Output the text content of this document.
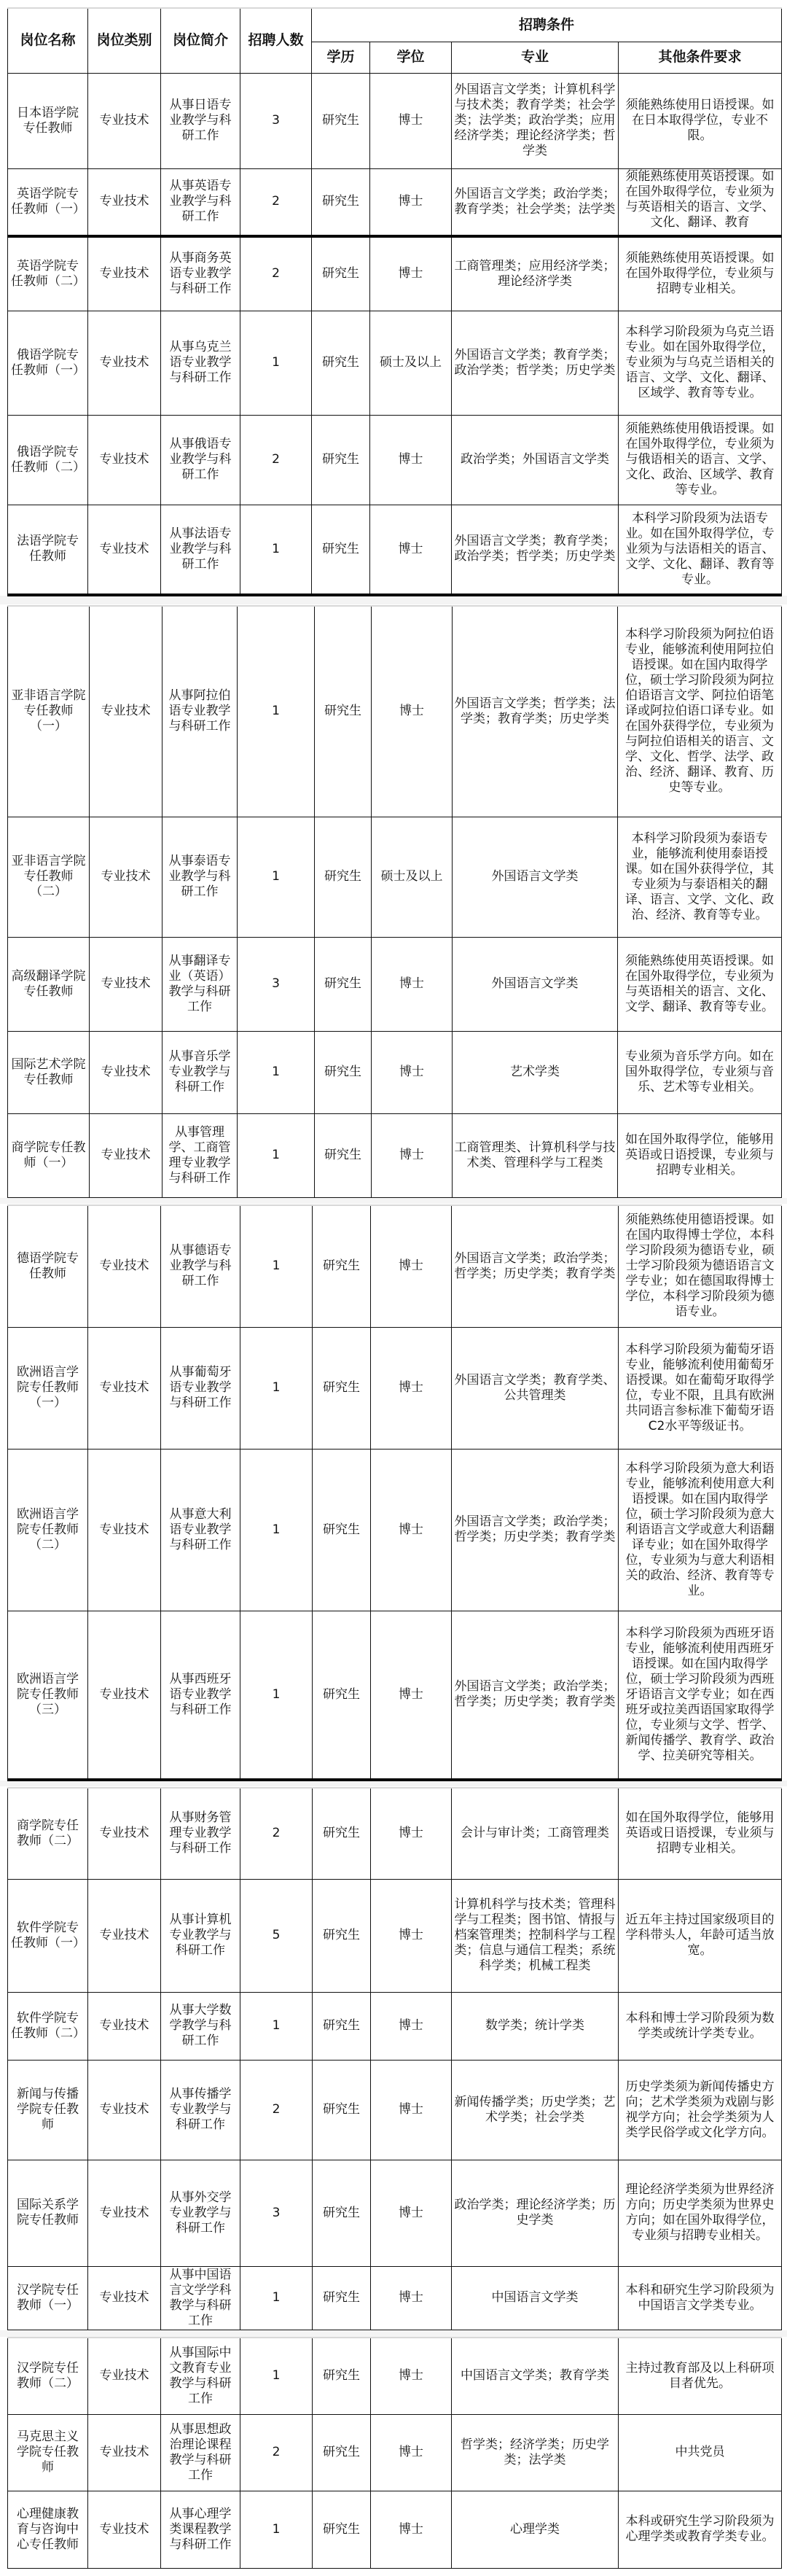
岗位名称	岗位类别	岗位简介	招聘人数	招聘条件			
				学历	学位	专业	其他条件要求
日本语学院专任教师	专业技术	从事日语专业教学与科研工作	3	研究生	博士	外国语言文学类；计算机科学与技术类；教育学类；社会学类；法学类；政治学类；应用经济学类；理论经济学类；哲学类	须能熟练使用日语授课。如在日本取得学位，专业不限。
英语学院专任教师（一）	专业技术	从事英语专业教学与科研工作	2	研究生	博士	外国语言文学类；政治学类；教育学类；社会学类；法学类	须能熟练使用英语授课。如在国外取得学位，专业须为与英语相关的语言、文学、文化、翻译、教育
英语学院专任教师（二）	专业技术	从事商务英语专业教学与科研工作	2	研究生	博士	工商管理类；应用经济学类；理论经济学类	须能熟练使用英语授课。如在国外取得学位，专业须与招聘专业相关。
俄语学院专任教师（一）	专业技术	从事乌克兰语专业教学与科研工作	1	研究生	硕士及以上	外国语言文学类；教育学类；政治学类；哲学类；历史学类	本科学习阶段须为乌克兰语专业。如在国外取得学位，专业须为与乌克兰语相关的语言、文学、文化、翻译、区域学、教育等专业。
俄语学院专任教师（二）	专业技术	从事俄语专业教学与科研工作	2	研究生	博士	政治学类；外国语言文学类	须能熟练使用俄语授课。如在国外取得学位，专业须为与俄语相关的语言、文学、文化、政治、区域学、教育等专业。
法语学院专任教师	专业技术	从事法语专业教学与科研工作	1	研究生	博士	外国语言文学类；教育学类；政治学类；哲学类；历史学类	本科学习阶段须为法语专业。如在国外取得学位，专业须为与法语相关的语言、文学、文化、翻译、教育等专业。
亚非语言学院专任教师（一）	专业技术	从事阿拉伯语专业教学与科研工作	1	研究生	博士	外国语言文学类；哲学类；法学类；教育学类；历史学类	本科学习阶段须为阿拉伯语专业，能够流利使用阿拉伯语授课。如在国内取得学位，硕士学习阶段须为阿拉伯语语言文学、阿拉伯语笔译或阿拉伯语口译专业。如在国外获得学位，专业须为与阿拉伯语相关的语言、文学、文化、哲学、法学、政治、经济、翻译、教育、历史等专业。
亚非语言学院专任教师（二）	专业技术	从事泰语专业教学与科研工作	1	研究生	硕士及以上	外国语言文学类	本科学习阶段须为泰语专业，能够流利使用泰语授课。如在国外获得学位，其专业须为与泰语相关的翻译、语言、文学、文化、政治、经济、教育等专业。
高级翻译学院专任教师	专业技术	从事翻译专业（英语）教学与科研工作	3	研究生	博士	外国语言文学类	须能熟练使用英语授课。如在国外取得学位，专业须为与英语相关的语言、文化、文学、翻译、教育等专业。
国际艺术学院专任教师	专业技术	从事音乐学专业教学与科研工作	1	研究生	博士	艺术学类	专业须为音乐学方向。如在国外取得学位，专业须与音乐、艺术等专业相关。
商学院专任教师（一）	专业技术	从事管理学、工商管理专业教学与科研工作	1	研究生	博士	工商管理类、计算机科学与技术类、管理科学与工程类	如在国外取得学位，能够用英语或日语授课，专业须与招聘专业相关。
德语学院专任教师	专业技术	从事德语专业教学与科研工作	1	研究生	博士	外国语言文学类；政治学类；哲学类；历史学类；教育学类	须能熟练使用德语授课。如在国内取得博士学位，本科学习阶段须为德语专业，硕士学习阶段须为德语语言文学专业；如在德国取得博士学位，本科学习阶段须为德语专业。
欧洲语言学院专任教师（一）	专业技术	从事葡萄牙语专业教学与科研工作	1	研究生	博士	外国语言文学类；教育学类、公共管理类	本科学习阶段须为葡萄牙语专业，能够流利使用葡萄牙语授课。如在葡萄牙取得学位，专业不限，且具有欧洲共同语言参标准下葡萄牙语C2水平等级证书。
欧洲语言学院专任教师（二）	专业技术	从事意大利语专业教学与科研工作	1	研究生	博士	外国语言文学类；政治学类；哲学类；历史学类；教育学类	本科学习阶段须为意大利语专业，能够流利使用意大利语授课。如在国内取得学位，硕士学习阶段须为意大利语语言文学或意大利语翻译专业；如在国外取得学位，专业须为与意大利语相关的政治、经济、教育等专业。
欧洲语言学院专任教师（三）	专业技术	从事西班牙语专业教学与科研工作	1	研究生	博士	外国语言文学类；政治学类；哲学类；历史学类；教育学类	本科学习阶段须为西班牙语专业，能够流利使用西班牙语授课。如在国内取得学位，硕士学习阶段须为西班牙语语言文学专业；如在西班牙或拉美西语国家取得学位，专业须与文学、哲学、新闻传播学、教育学、政治学、拉美研究等相关。
商学院专任教师（二）	专业技术	从事财务管理专业教学与科研工作	2	研究生	博士	会计与审计类；工商管理类	如在国外取得学位，能够用英语或日语授课，专业须与招聘专业相关。
软件学院专任教师（一）	专业技术	从事计算机专业教学与科研工作	5	研究生	博士	计算机科学与技术类；管理科学与工程类；图书馆、情报与档案管理类；控制科学与工程类；信息与通信工程类；系统科学类；机械工程类	近五年主持过国家级项目的学科带头人，年龄可适当放宽。
软件学院专任教师（二）	专业技术	从事大学数学教学与科研工作	1	研究生	博士	数学类；统计学类	本科和博士学习阶段须为数学类或统计学类专业。
新闻与传播学院专任教师	专业技术	从事传播学专业教学与科研工作	2	研究生	博士	新闻传播学类；历史学类；艺术学类；社会学类	历史学类须为新闻传播史方向；艺术学类须为戏剧与影视学方向；社会学类须为人类学民俗学或文化学方向。
国际关系学院专任教师	专业技术	从事外交学专业教学与科研工作	3	研究生	博士	政治学类；理论经济学类；历史学类	理论经济学类须为世界经济方向；历史学类须为世界史方向；如在国外取得学位，专业须与招聘专业相关。
汉学院专任教师（一）	专业技术	从事中国语言文学学科教学与科研工作	1	研究生	博士	中国语言文学类	本科和研究生学习阶段须为中国语言文学类专业。
汉学院专任教师（二）	专业技术	从事国际中文教育专业教学与科研工作	1	研究生	博士	中国语言文学类；教育学类	主持过教育部及以上科研项目者优先。
马克思主义学院专任教师	专业技术	从事思想政治理论课程教学与科研工作	2	研究生	博士	哲学类；经济学类；历史学类；法学类	中共党员
心理健康教育与咨询中心专任教师	专业技术	从事心理学类课程教学与科研工作	1	研究生	博士	心理学类	本科或研究生学习阶段须为心理学类或教育学类专业。
